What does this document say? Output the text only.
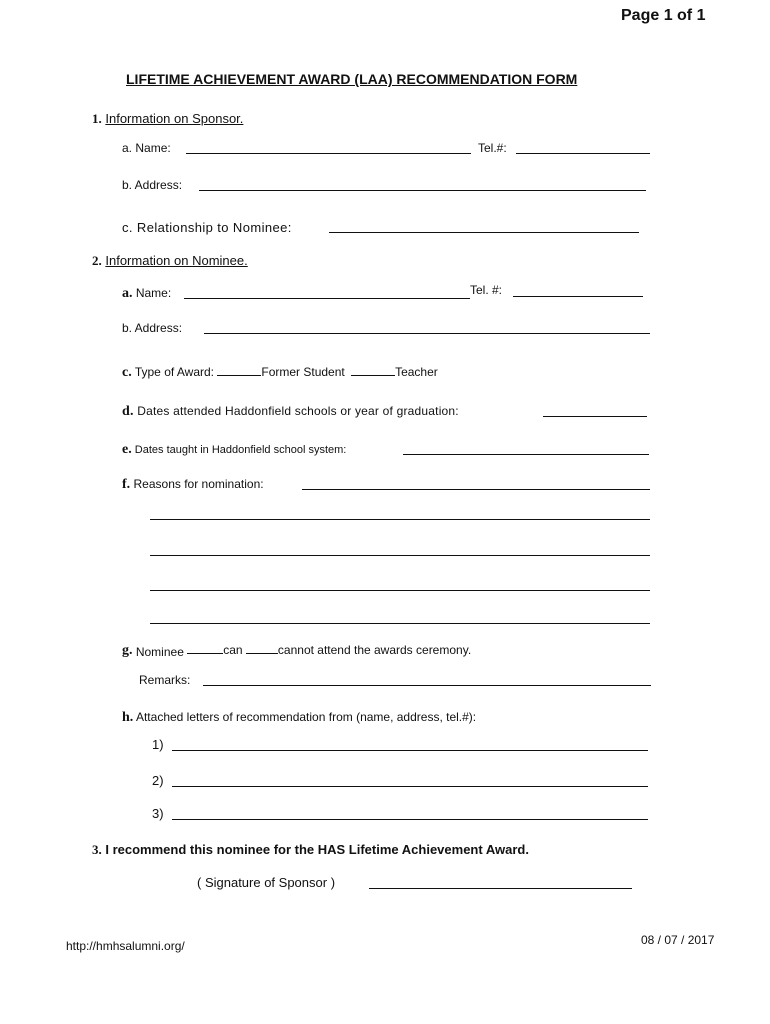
Page 1 of 1
LIFETIME ACHIEVEMENT AWARD (LAA) RECOMMENDATION FORM
1. Information on Sponsor.
a. Name:	Tel.#:
b. Address:
c. Relationship to Nominee:
2. Information on Nominee.
a. Name:	Tel. #:
b. Address:
c. Type of Award:	Former Student	Teacher
d. Dates attended Haddonfield schools or year of graduation:
e. Dates taught in Haddonfield school system:
f. Reasons for nomination:
g. Nominee	can	cannot attend the awards ceremony.
Remarks:
h. Attached letters of recommendation from (name, address, tel.#):
1)
2)
3)
3. I recommend this nominee for the HAS Lifetime Achievement Award.
( Signature of Sponsor )
http://hmhsalumni.org/	08 / 07 / 2017
